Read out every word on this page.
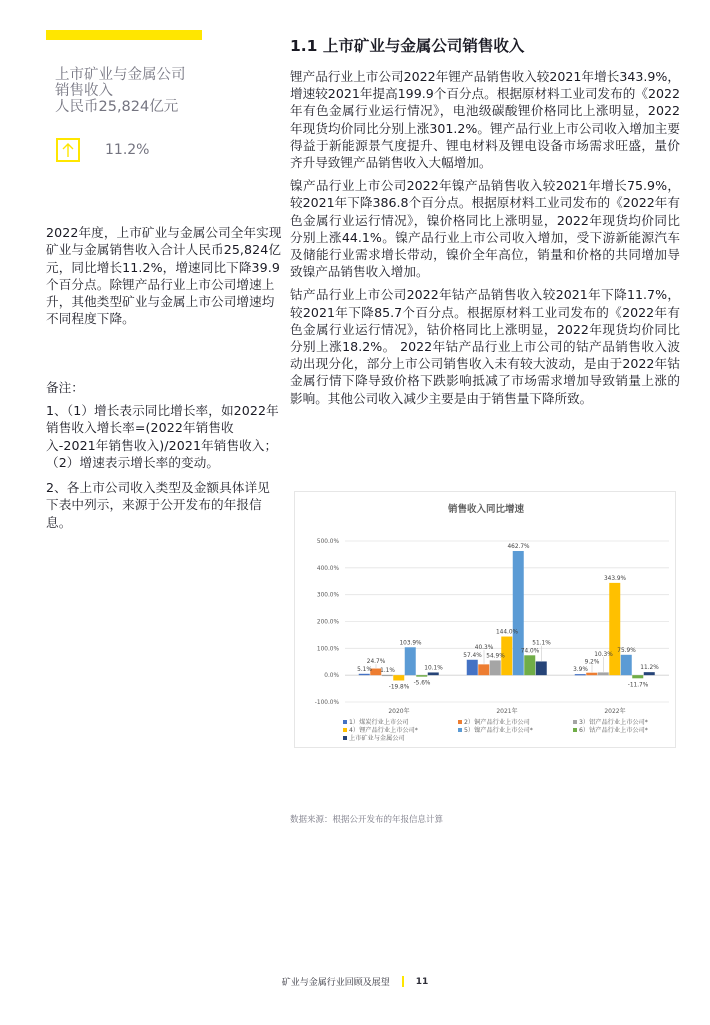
上市矿业与金属公司
销售收入
人民币25,824亿元
11.2%

2022年度，上市矿业与金属公司全年实现矿业与金属销售收入合计人民币25,824亿元，同比增长11.2%，增速同比下降39.9个百分点。除锂产品行业上市公司增速上升，其他类型矿业与金属上市公司增速均不同程度下降。

备注：

1、（1）增长表示同比增长率，如2022年销售收入增长率=(2022年销售收入-2021年销售收入)/2021年销售收入；（2）增速表示增长率的变动。

2、各上市公司收入类型及金额具体详见下表中列示，来源于公开发布的年报信息。

1.1 上市矿业与金属公司销售收入

锂产品行业上市公司2022年锂产品销售收入较2021年增长343.9%，增速较2021年提高199.9个百分点。根据原材料工业司发布的《2022年有色金属行业运行情况》，电池级碳酸锂价格同比上涨明显，2022年现货均价同比分别上涨301.2%。锂产品行业上市公司收入增加主要得益于新能源景气度提升、锂电材料及锂电设备市场需求旺盛，量价齐升导致锂产品销售收入大幅增加。

镍产品行业上市公司2022年镍产品销售收入较2021年增长75.9%，较2021年下降386.8个百分点。根据原材料工业司发布的《2022年有色金属行业运行情况》，镍价格同比上涨明显，2022年现货均价同比分别上涨44.1%。镍产品行业上市公司收入增加，受下游新能源汽车及储能行业需求增长带动，镍价全年高位，销量和价格的共同增加导致镍产品销售收入增加。

钴产品行业上市公司2022年钴产品销售收入较2021年下降11.7%，较2021年下降85.7个百分点。根据原材料工业司发布的《2022年有色金属行业运行情况》，钴价格同比上涨明显，2022年现货均价同比分别上涨18.2%。 2022年钴产品行业上市公司的钴产品销售收入波动出现分化，部分上市公司销售收入未有较大波动，是由于2022年钴金属行情下降导致价格下跌影响抵减了市场需求增加导致销量上涨的影响。其他公司收入减少主要是由于销售量下降所致。

销售收入同比增速
-100.0%
0.0%
100.0%
200.0%
300.0%
400.0%
500.0%
5.1%
24.7%
1.1%
-19.8%
103.9%
-5.6%
10.1%
57.4%
40.3%
54.9%
144.0%
462.7%
74.0%
51.1%
3.9%
9.2%
10.3%
343.9%
75.9%
-11.7%
11.2%
2020年	2021年	2022年
1）煤炭行业上市公司	2）铜产品行业上市公司	3）铝产品行业上市公司*
4）锂产品行业上市公司*	5）镍产品行业上市公司*	6）钴产品行业上市公司*
上市矿业与金属公司
数据来源：根据公开发布的年报信息计算
矿业与金属行业回顾及展望	11
